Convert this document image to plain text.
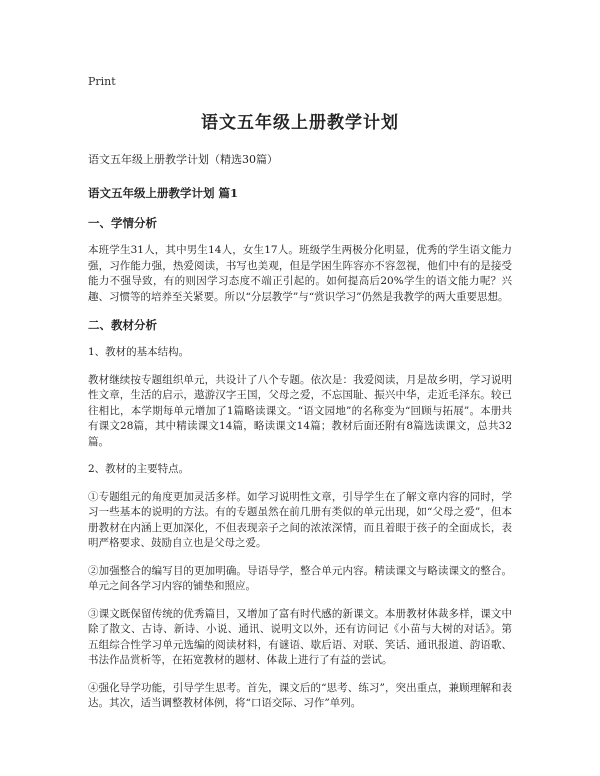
Print
语文五年级上册教学计划
语文五年级上册教学计划（精选30篇）
语文五年级上册教学计划 篇1
一、学情分析

本班学生31人，其中男生14人，女生17人。班级学生两极分化明显，优秀的学生语文能力强，习作能力强，热爱阅读，书写也美观，但是学困生阵容亦不容忽视，他们中有的是接受能力不强导致，有的则因学习态度不端正引起的。如何提高后20%学生的语文能力呢？兴趣、习惯等的培养至关紧要。所以“分层教学”与“赏识学习”仍然是我教学的两大重要思想。

二、教材分析

1、教材的基本结构。

教材继续按专题组织单元，共设计了八个专题。依次是：我爱阅读，月是故乡明，学习说明性文章，生活的启示，遨游汉字王国，父母之爱，不忘国耻、振兴中华，走近毛泽东。较已往相比，本学期每单元增加了1篇略读课文。“语文园地”的名称变为“回顾与拓展”。本册共有课文28篇，其中精读课文14篇，略读课文14篇；教材后面还附有8篇选读课文，总共32篇。

2、教材的主要特点。

①专题组元的角度更加灵活多样。如学习说明性文章，引导学生在了解文章内容的同时，学习一些基本的说明的方法。有的专题虽然在前几册有类似的单元出现，如“父母之爱”，但本册教材在内涵上更加深化，不但表现亲子之间的浓浓深情，而且着眼于孩子的全面成长，表明严格要求、鼓励自立也是父母之爱。

②加强整合的编写目的更加明确。导语导学，整合单元内容。精读课文与略读课文的整合。单元之间各学习内容的铺垫和照应。

③课文既保留传统的优秀篇目，又增加了富有时代感的新课文。本册教材体裁多样，课文中除了散文、古诗、新诗、小说、通讯、说明文以外，还有访问记《小苗与大树的对话》。第五组综合性学习单元选编的阅读材料，有谜语、歇后语、对联、笑话、通讯报道、韵语歌、书法作品赏析等，在拓宽教材的题材、体裁上进行了有益的尝试。

④强化导学功能，引导学生思考。首先，课文后的“思考、练习”，突出重点，兼顾理解和表达。其次，适当调整教材体例，将“口语交际、习作”单列。
